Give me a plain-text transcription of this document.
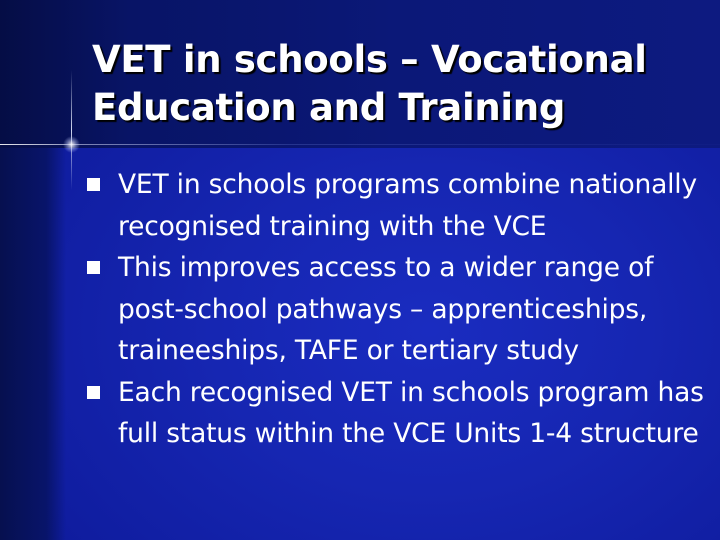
VET in schools – Vocational Education and Training
VET in schools programs combine nationally recognised training with the VCE
This improves access to a wider range of post-school pathways – apprenticeships, traineeships, TAFE or tertiary study
Each recognised VET in schools program has full status within the VCE Units 1-4 structure
